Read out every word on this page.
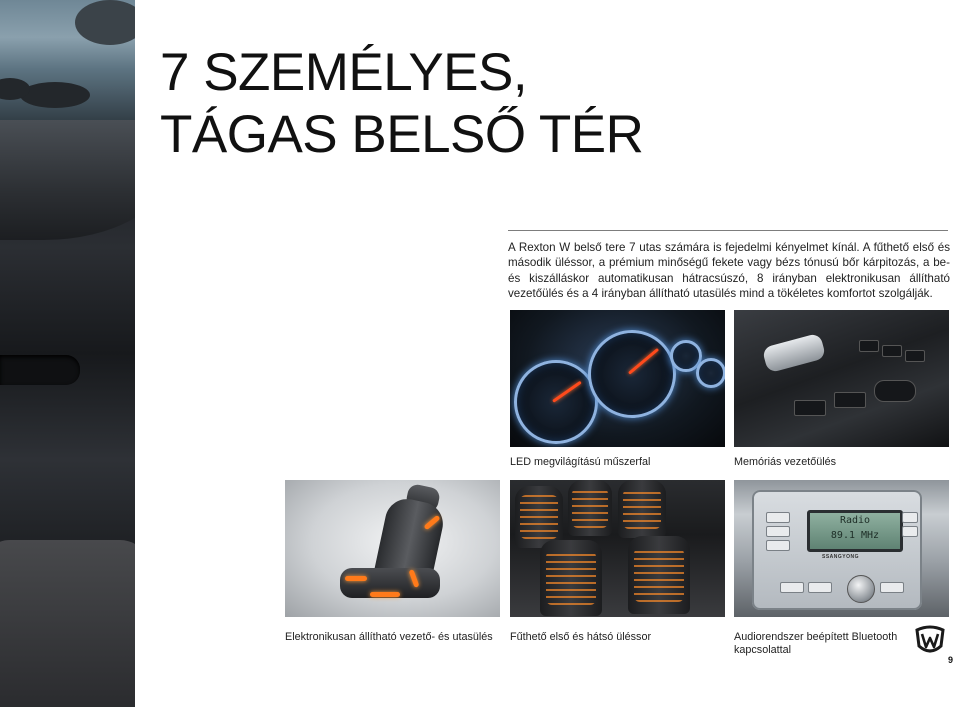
7 SZEMÉLYES,
TÁGAS BELSŐ TÉR

A Rexton W belső tere 7 utas számára is fejedelmi kényelmet kínál. A fűthető első és második üléssor, a prémium minőségű fekete vagy bézs tónusú bőr kárpitozás, a be- és kiszálláskor automatikusan hátracsúszó, 8 irányban elektronikusan állítható vezetőülés és a 4 irányban állítható utasülés mind a tökéletes komfortot szolgálják.

LED megvilágítású műszerfal	Memóriás vezetőülés

Elektronikusan állítható vezető- és utasülés	Fűthető első és hátsó üléssor

Radio
89.1 MHz
SSANGYONG

Audiorendszer beépített Bluetooth kapcsolattal

9
